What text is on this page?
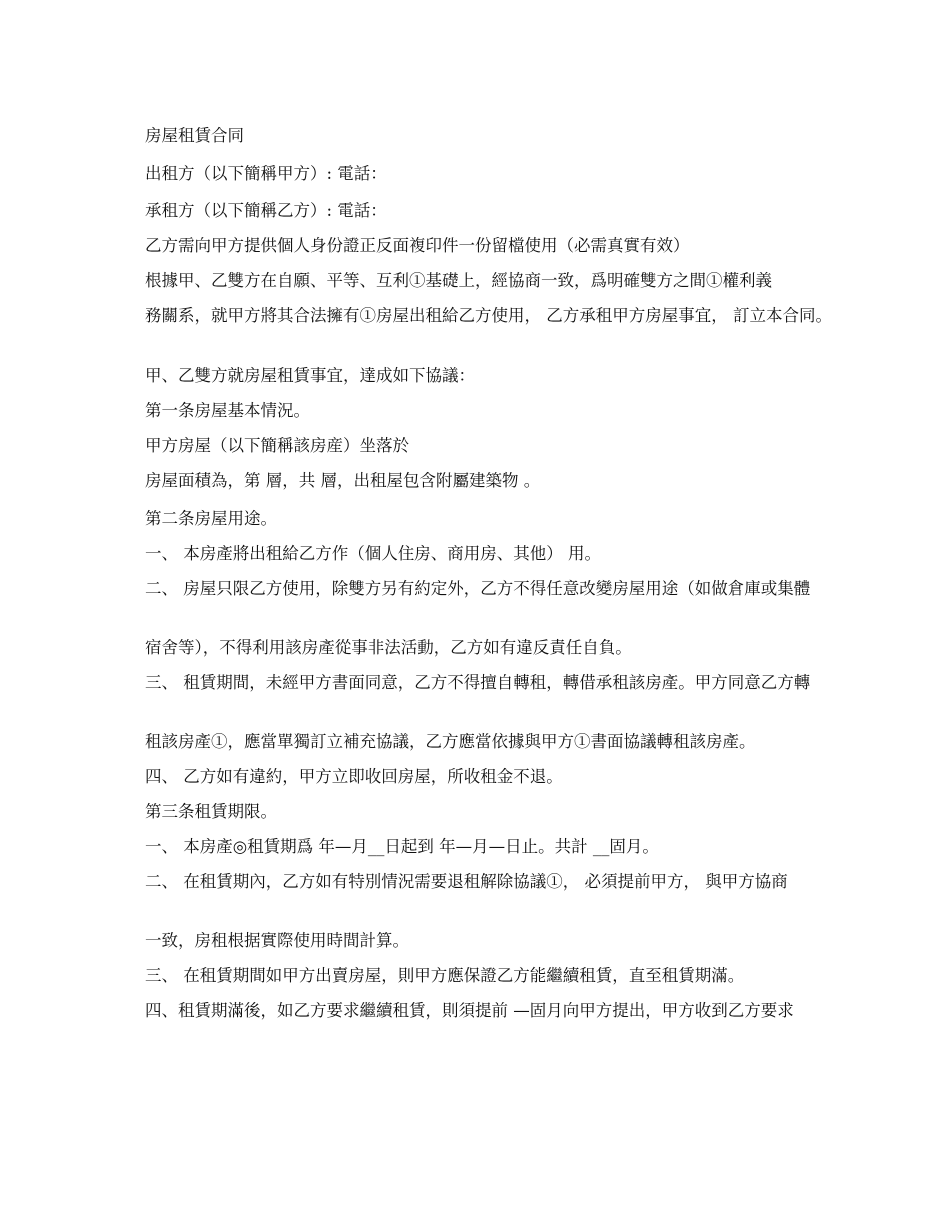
　　房屋租賃合同
　　出租方（以下簡稱甲方）: 電話：
　　承租方（以下簡稱乙方）: 電話：
　　乙方需向甲方提供個人身份證正反面複印件一份留檔使用（必需真實有效）
　　根據甲、乙雙方在自願、平等、互利①基礎上，經協商一致，爲明確雙方之間①權利義
　　務關系，就甲方將其合法擁有①房屋出租給乙方使用， 乙方承租甲方房屋事宜， 訂立本合同。
　　甲、乙雙方就房屋租賃事宜，達成如下協議：
　　第一条房屋基本情況。
　　甲方房屋（以下簡稱該房産）坐落於
　　房屋面積為，第 層，共 層，出租屋包含附屬建築物 。
　　第二条房屋用途。
　　一、 本房產將出租給乙方作（個人住房、商用房、其他） 用。
　　二、 房屋只限乙方使用，除雙方另有約定外，乙方不得任意改變房屋用途（如做倉庫或集體
　　宿舍等），不得利用該房產從事非法活動，乙方如有違反責任自負。
　　三、 租賃期間，未經甲方書面同意，乙方不得擅自轉租，轉借承租該房產。甲方同意乙方轉
　　租該房產①，應當單獨訂立補充協議，乙方應當依據與甲方①書面協議轉租該房產。
　　四、 乙方如有違約，甲方立即收回房屋，所收租金不退。
　　第三条租賃期限。
　　一、 本房產◎租賃期爲 年—月__日起到 年—月—日止。共計 __固月。
　　二、 在租賃期內，乙方如有特別情況需要退租解除協議①， 必須提前甲方， 與甲方協商
　　一致，房租根据實際使用時間計算。
　　三、 在租賃期間如甲方出賣房屋，則甲方應保證乙方能繼續租賃，直至租賃期滿。
　　四、租賃期滿後，如乙方要求繼續租賃，則須提前 —固月向甲方提出，甲方收到乙方要求
